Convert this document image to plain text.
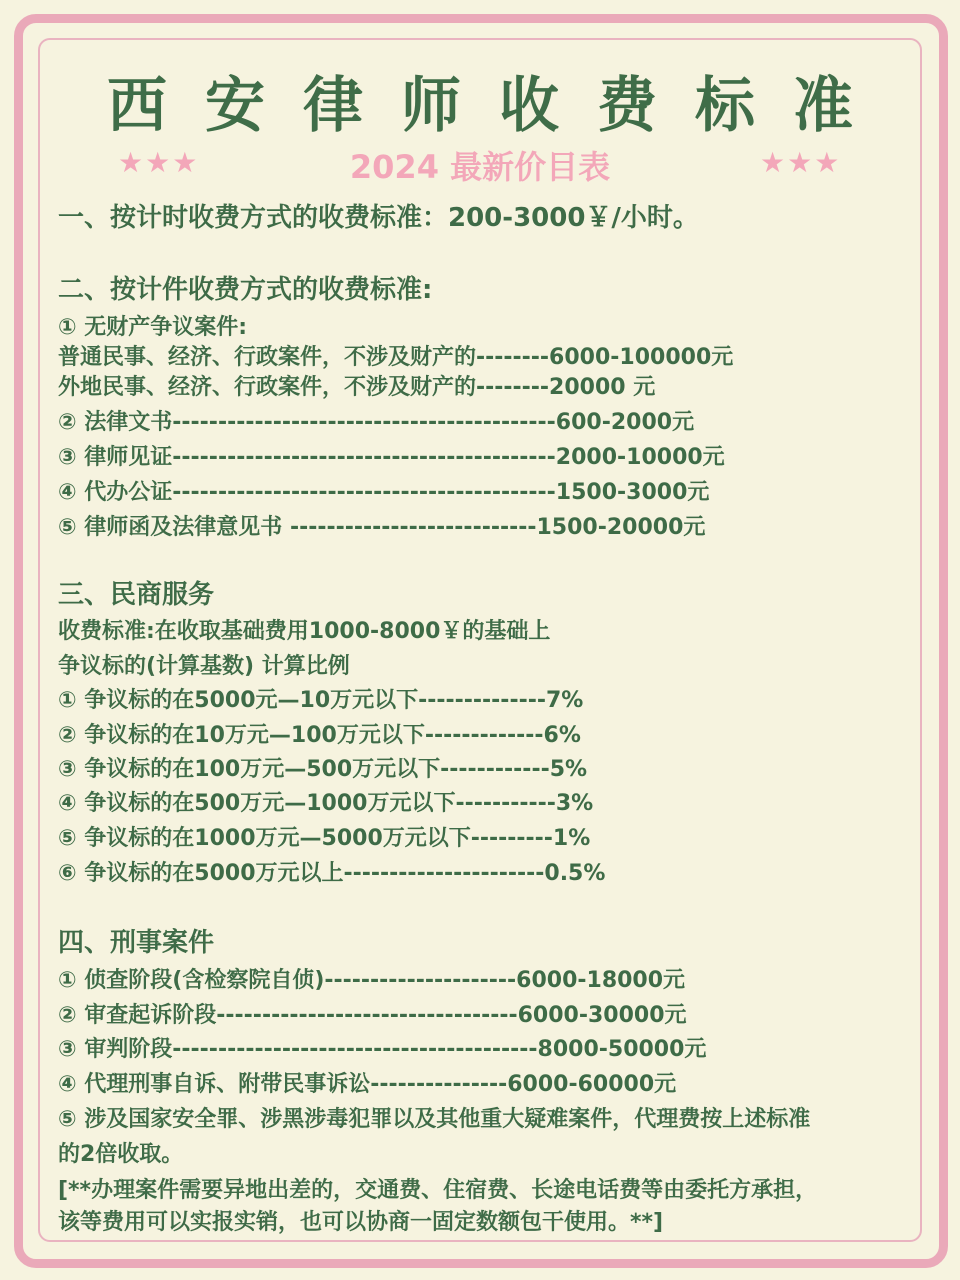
西安律师收费标准
★★★	2024 最新价目表	★★★
一、按计时收费方式的收费标准：200-3000￥/小时。
二、按计件收费方式的收费标准:
① 无财产争议案件:
普通民事、经济、行政案件，不涉及财产的--------6000-100000元
外地民事、经济、行政案件，不涉及财产的--------20000 元
② 法律文书------------------------------------------600-2000元
③ 律师见证------------------------------------------2000-10000元
④ 代办公证------------------------------------------1500-3000元
⑤ 律师函及法律意见书 ---------------------------1500-20000元
三、民商服务
收费标准:在收取基础费用1000-8000￥的基础上
争议标的(计算基数) 计算比例
① 争议标的在5000元—10万元以下--------------7%
② 争议标的在10万元—100万元以下-------------6%
③ 争议标的在100万元—500万元以下------------5%
④ 争议标的在500万元—1000万元以下-----------3%
⑤ 争议标的在1000万元—5000万元以下---------1%
⑥ 争议标的在5000万元以上----------------------0.5%
四、刑事案件
① 侦查阶段(含检察院自侦)---------------------6000-18000元
② 审查起诉阶段---------------------------------6000-30000元
③ 审判阶段----------------------------------------8000-50000元
④ 代理刑事自诉、附带民事诉讼---------------6000-60000元
⑤ 涉及国家安全罪、涉黑涉毒犯罪以及其他重大疑难案件，代理费按上述标准
的2倍收取。
[**办理案件需要异地出差的，交通费、住宿费、长途电话费等由委托方承担，
该等费用可以实报实销，也可以协商一固定数额包干使用。**]
